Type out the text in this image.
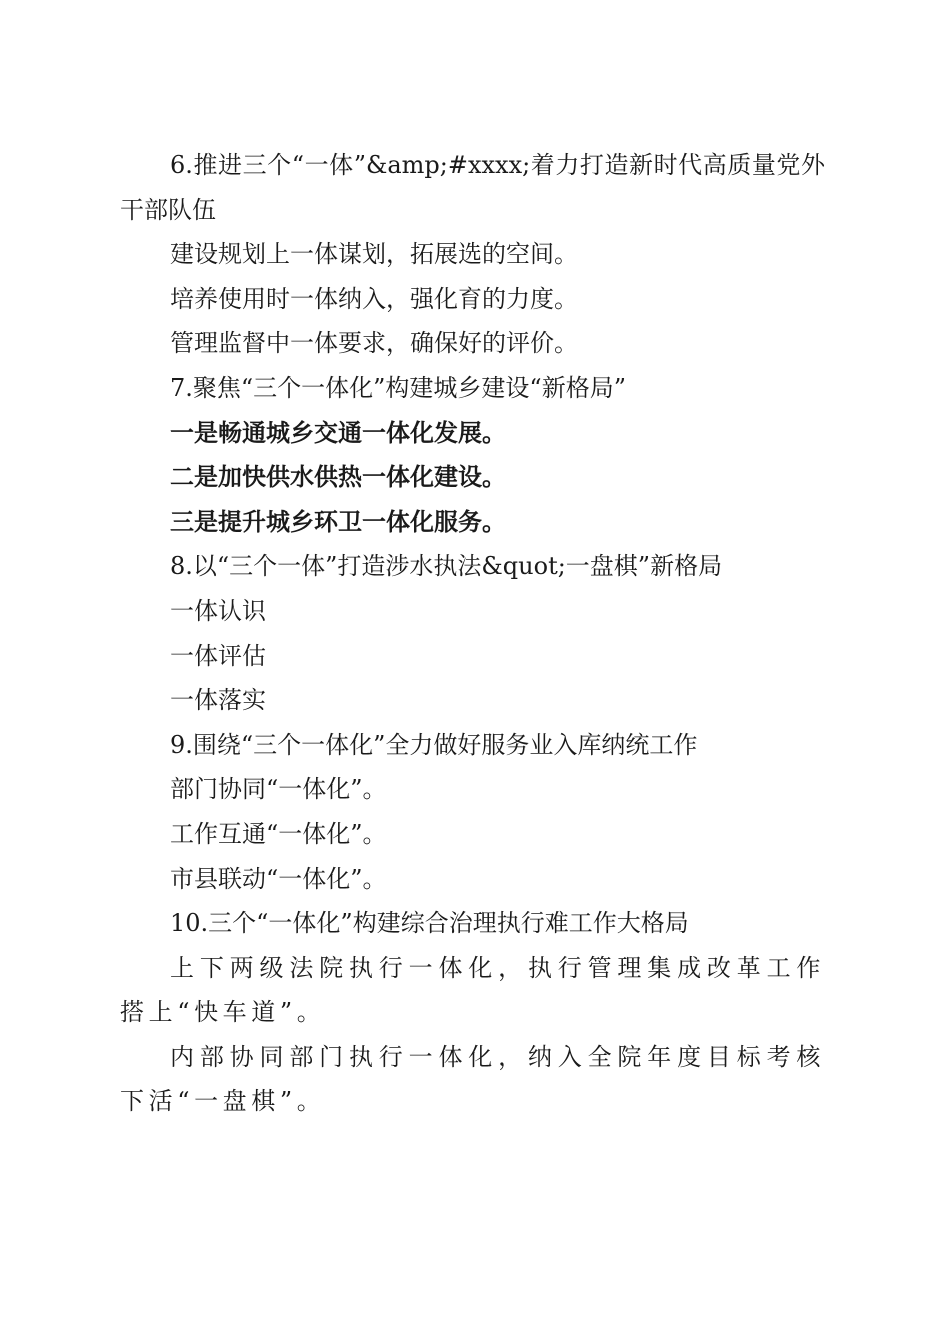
6.推进三个“一体”&amp;#xxxx;着力打造新时代高质量党外干部队伍

建设规划上一体谋划，拓展选的空间。

培养使用时一体纳入，强化育的力度。

管理监督中一体要求，确保好的评价。

7.聚焦“三个一体化”构建城乡建设“新格局”

一是畅通城乡交通一体化发展。

二是加快供水供热一体化建设。

三是提升城乡环卫一体化服务。

8.以“三个一体”打造涉水执法&quot;一盘棋”新格局

一体认识

一体评估

一体落实

9.围绕“三个一体化”全力做好服务业入库纳统工作

部门协同“一体化”。

工作互通“一体化”。

市县联动“一体化”。

10.三个“一体化”构建综合治理执行难工作大格局

上下两级法院执行一体化，执行管理集成改革工作搭上“快车道”。

内部协同部门执行一体化，纳入全院年度目标考核下活“一盘棋”。
